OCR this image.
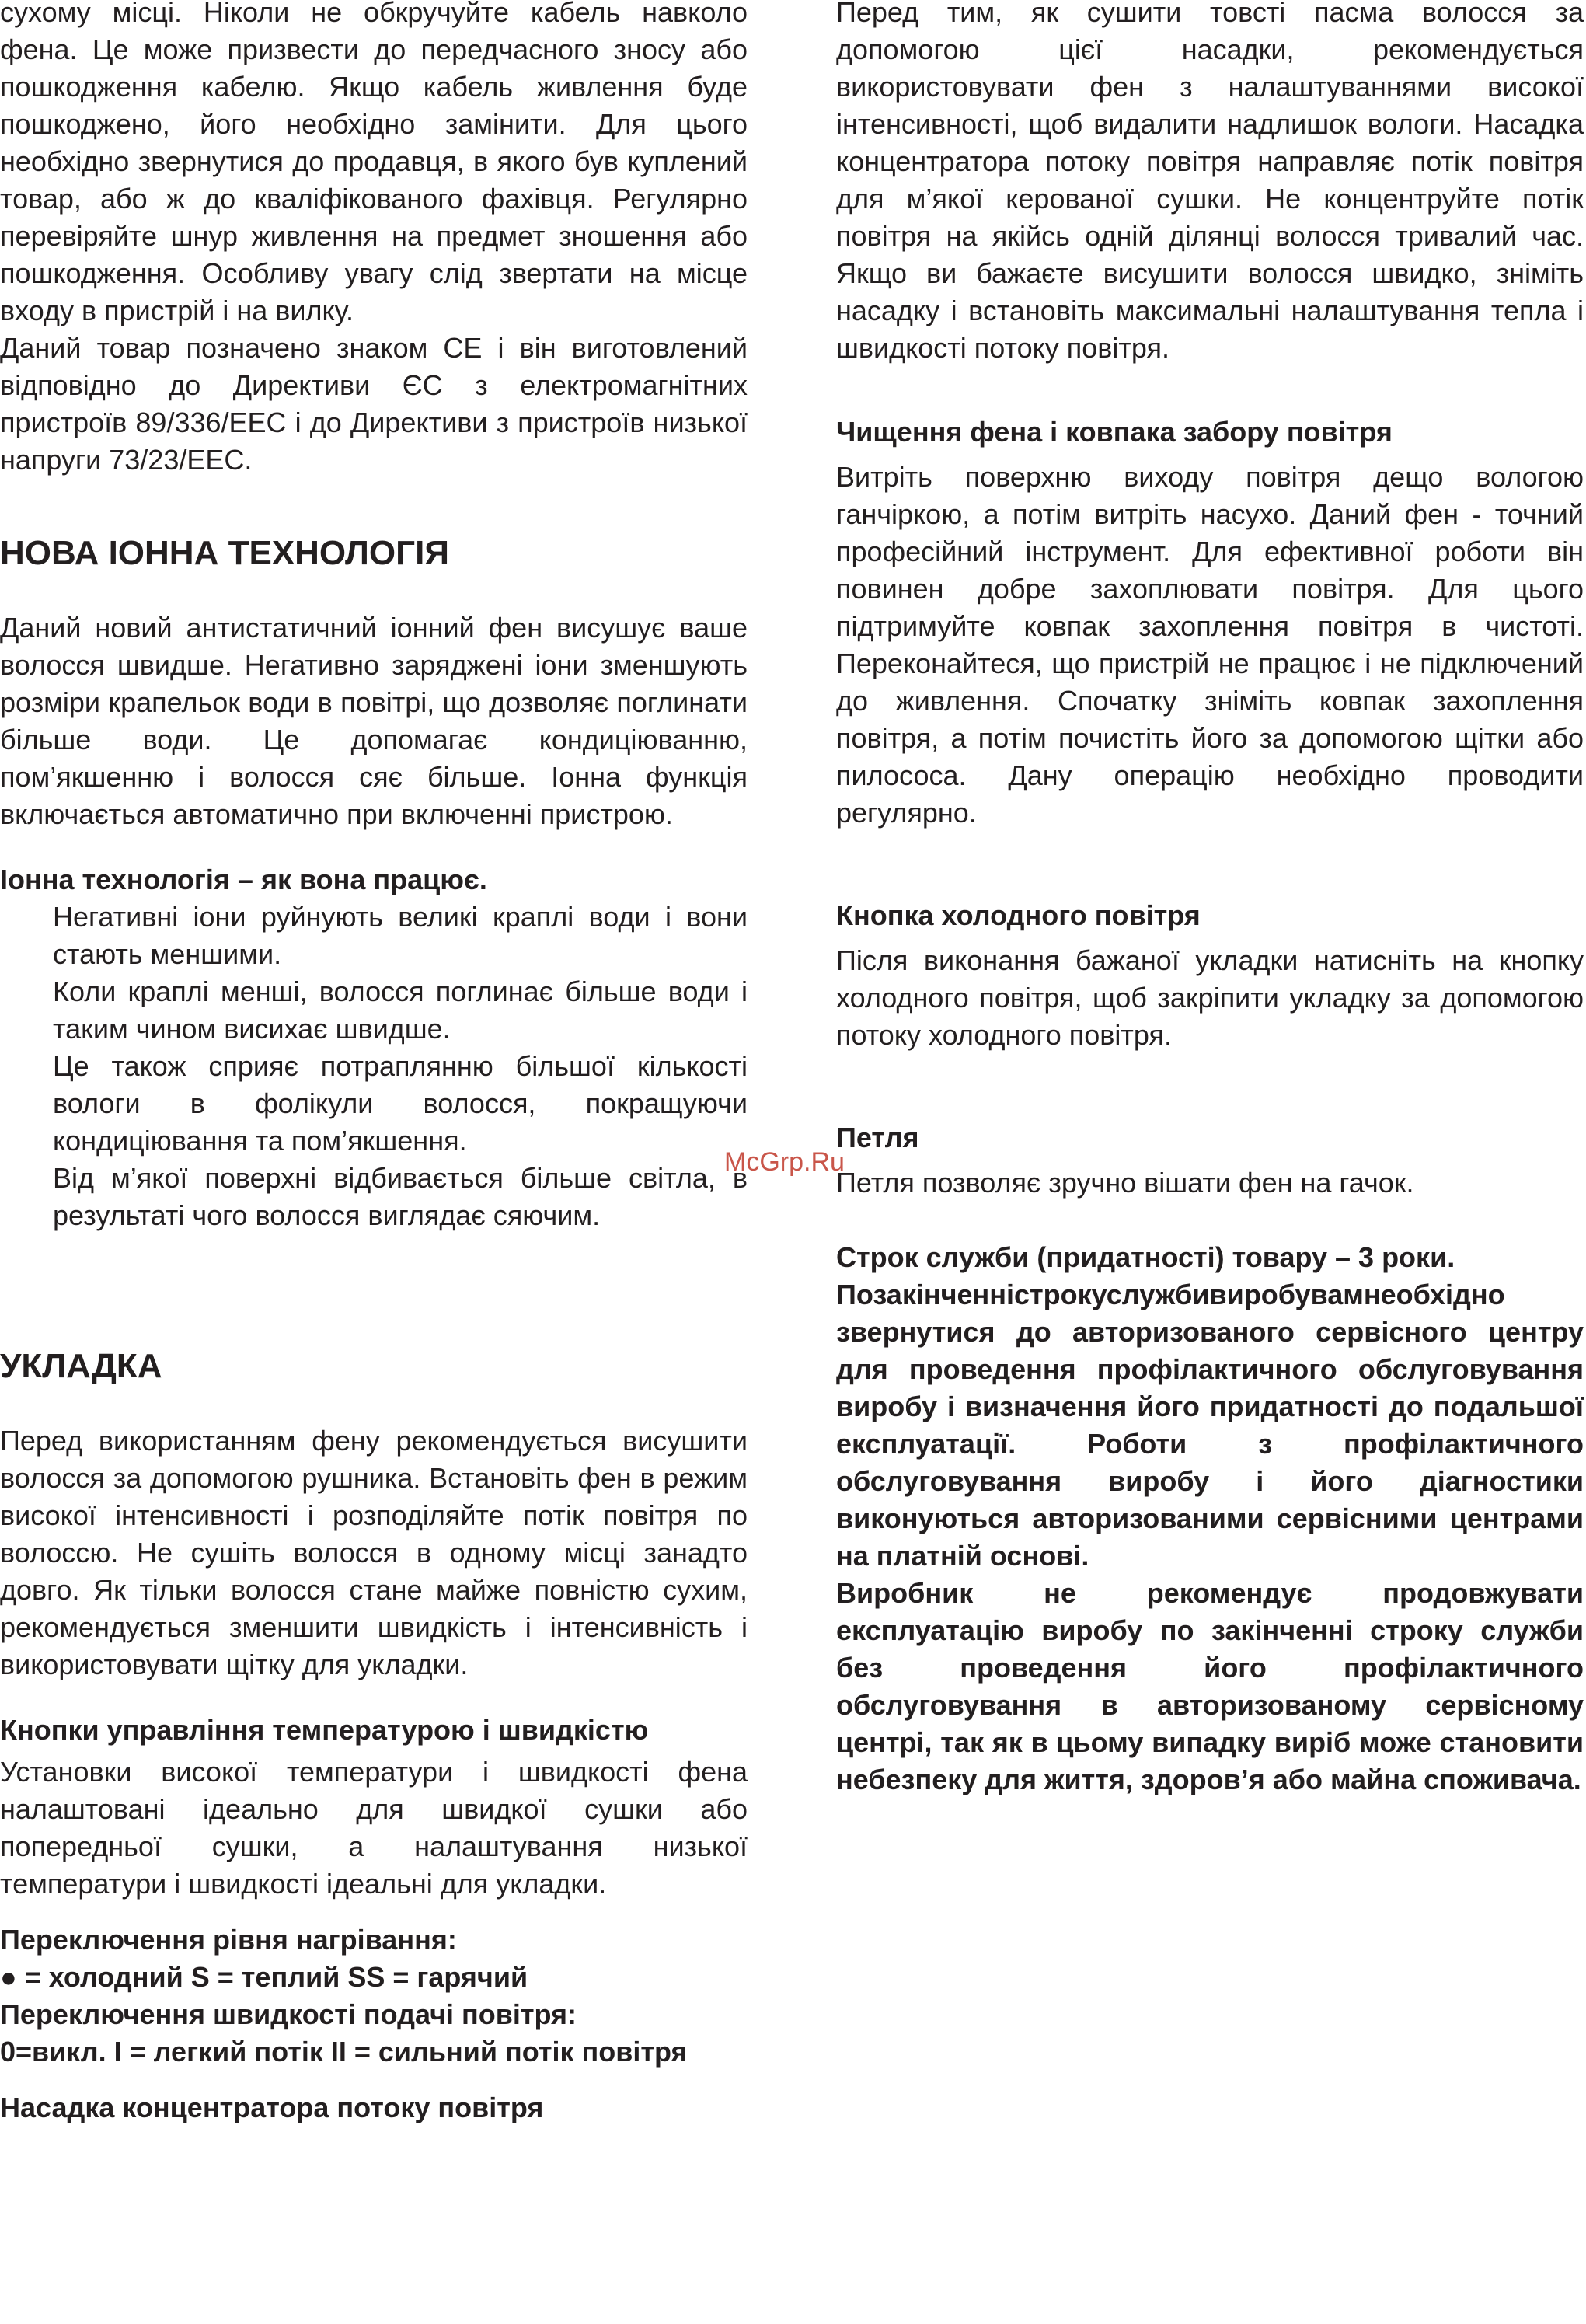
сухому місці. Ніколи не обкручуйте кабель навколо фена. Це може призвести до передчасного зносу або пошкодження кабелю. Якщо кабель живлення буде пошкоджено, його необхідно замінити. Для цього необхідно звернутися до продавця, в якого був куплений товар, або ж до кваліфікованого фахівця. Регулярно перевіряйте шнур живлення на предмет зношення або пошкодження. Особливу увагу слід звертати на місце входу в пристрій і на вилку.

Даний товар позначено знаком CE і він виготовлений відповідно до Директиви ЄС з електромагнітних пристроїв 89/336/EEC і до Директиви з пристроїв низької напруги 73/23/EEC.

НОВА ІОННА ТЕХНОЛОГІЯ

Даний новий антистатичний іонний фен висушує ваше волосся швидше. Негативно заряджені іони зменшують розміри крапельок води в повітрі, що дозволяє поглинати більше води. Це допомагає кондиціюванню, пом’якшенню і волосся сяє більше. Іонна функція включається автоматично при включенні пристрою.

Іонна технологія – як вона працює.
Негативні іони руйнують великі краплі води і вони стають меншими.
Коли краплі менші, волосся поглинає більше води і таким чином висихає швидше.
Це також сприяє потраплянню більшої кількості вологи в фолікули волосся, покращуючи кондиціювання та пом’якшення.
Від м’якої поверхні відбивається більше світла, в результаті чого волосся виглядає сяючим.
УКЛАДКА

Перед використанням фену рекомендується висушити волосся за допомогою рушника. Встановіть фен в режим високої інтенсивності і розподіляйте потік повітря по волоссю. Не сушіть волосся в одному місці занадто довго. Як тільки волосся стане майже повністю сухим, рекомендується зменшити швидкість і інтенсивність і використовувати щітку для укладки.

Кнопки управління температурою і швидкістю

Установки високої температури і швидкості фена налаштовані ідеально для швидкої сушки або попередньої сушки, а налаштування низької температури і швидкості ідеальні для укладки.

Переключення рівня нагрівання:

● = холодний S = теплий SS = гарячий

Переключення швидкості подачі повітря:

0=викл. I = легкий потік II = сильний потік повітря

Насадка концентратора потоку повітря

Перед тим, як сушити товсті пасма волосся за допомогою цієї насадки, рекомендується використовувати фен з налаштуваннями високої інтенсивності, щоб видалити надлишок вологи. Насадка концентратора потоку повітря направляє потік повітря для м’якої керованої сушки. Не концентруйте потік повітря на якійсь одній ділянці волосся тривалий час. Якщо ви бажаєте висушити волосся швидко, зніміть насадку і встановіть максимальні налаштування тепла і швидкості потоку повітря.

Чищення фена і ковпака забору повітря

Витріть поверхню виходу повітря дещо вологою ганчіркою, а потім витріть насухо. Даний фен - точний професійний інструмент. Для ефективної роботи він повинен добре захоплювати повітря. Для цього підтримуйте ковпак захоплення повітря в чистоті. Переконайтеся, що пристрій не працює і не підключений до живлення. Спочатку зніміть ковпак захоплення повітря, а потім почистіть його за допомогою щітки або пилососа. Дану операцію необхідно проводити регулярно.

Кнопка холодного повітря

Після виконання бажаної укладки натисніть на кнопку холодного повітря, щоб закріпити укладку за допомогою потоку холодного повітря.

Петля

Петля позволяє зручно вішати фен на гачок.

Строк служби (придатності) товару – 3 роки.

Позакінченністрокуслужбивиробувамнеобхідно звернутися до авторизованого сервісного центру для проведення профілактичного обслуговування виробу і визначення його придатності до подальшої експлуатації. Роботи з профілактичного обслуговування виробу і його діагностики виконуються авторизованими сервісними центрами на платній основі.

Виробник не рекомендує продовжувати експлуатацію виробу по закінченні строку служби без проведення його профілактичного обслуговування в авторизованому сервісному центрі, так як в цьому випадку виріб може становити небезпеку для життя, здоров’я або майна споживача.

McGrp.Ru
